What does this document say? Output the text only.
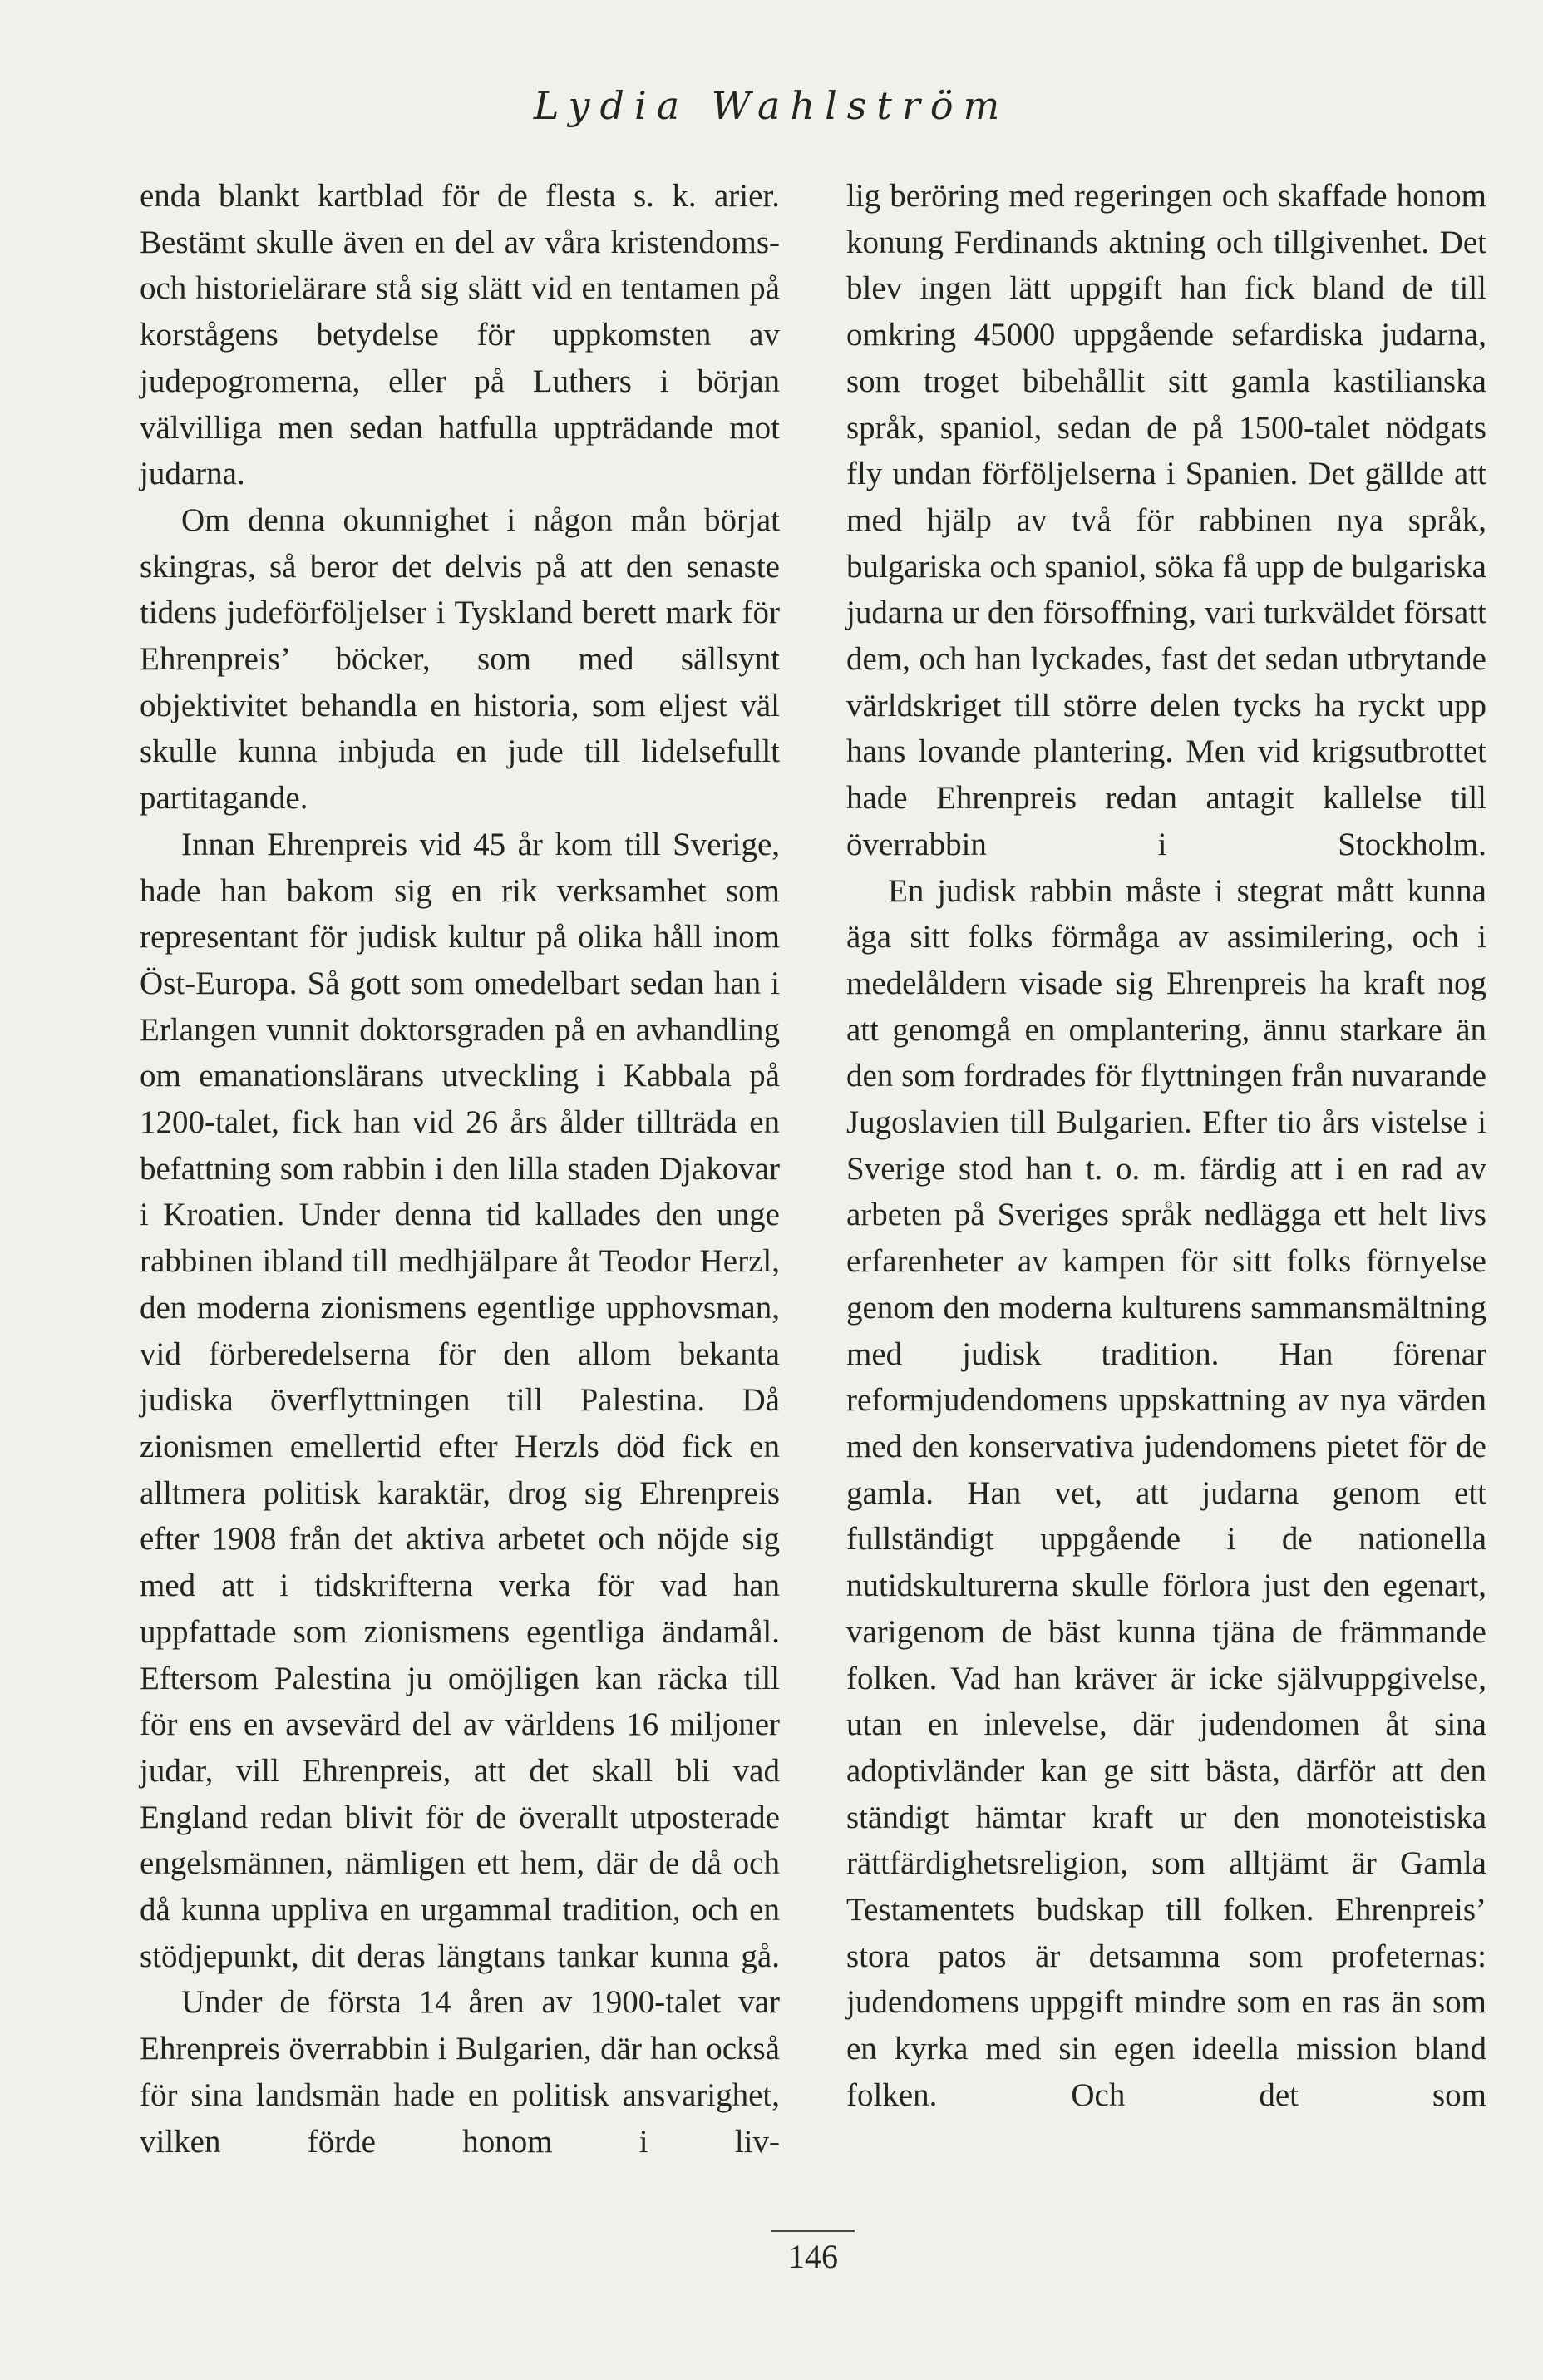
Lydia Wahlström

enda blankt kartblad för de flesta s. k. arier. Bestämt skulle även en del av våra kristendoms- och historielärare stå sig slätt vid en tentamen på korstågens betydelse för uppkomsten av judepogromerna, eller på Luthers i början välvilliga men sedan hatfulla uppträdande mot judarna.

Om denna okunnighet i någon mån börjat skingras, så beror det delvis på att den senaste tidens judeförföljelser i Tyskland berett mark för Ehrenpreis’ böcker, som med sällsynt objektivitet behandla en historia, som eljest väl skulle kunna inbjuda en jude till lidelsefullt partitagande.

Innan Ehrenpreis vid 45 år kom till Sverige, hade han bakom sig en rik verksamhet som representant för judisk kultur på olika håll inom Öst-Europa. Så gott som omedelbart sedan han i Erlangen vunnit doktorsgraden på en avhandling om emanationslärans utveckling i Kabbala på 1200-talet, fick han vid 26 års ålder tillträda en befattning som rabbin i den lilla staden Djakovar i Kroatien. Under denna tid kallades den unge rabbinen ibland till medhjälpare åt Teodor Herzl, den moderna zionismens egentlige upphovsman, vid förberedelserna för den allom bekanta judiska överflyttningen till Palestina. Då zionismen emellertid efter Herzls död fick en alltmera politisk karaktär, drog sig Ehrenpreis efter 1908 från det aktiva arbetet och nöjde sig med att i tidskrifterna verka för vad han uppfattade som zionismens egentliga ändamål. Eftersom Palestina ju omöjligen kan räcka till för ens en avsevärd del av världens 16 miljoner judar, vill Ehrenpreis, att det skall bli vad England redan blivit för de överallt utposterade engelsmännen, nämligen ett hem, där de då och då kunna uppliva en urgammal tradition, och en stödjepunkt, dit deras längtans tankar kunna gå.

Under de första 14 åren av 1900-talet var Ehrenpreis överrabbin i Bulgarien, där han också för sina landsmän hade en politisk ansvarighet, vilken förde honom i liv-

lig beröring med regeringen och skaffade honom konung Ferdinands aktning och tillgivenhet. Det blev ingen lätt uppgift han fick bland de till omkring 45000 uppgående sefardiska judarna, som troget bibehållit sitt gamla kastilianska språk, spaniol, sedan de på 1500-talet nödgats fly undan förföljelserna i Spanien. Det gällde att med hjälp av två för rabbinen nya språk, bulgariska och spaniol, söka få upp de bulgariska judarna ur den försoffning, vari turkväldet försatt dem, och han lyckades, fast det sedan utbrytande världskriget till större delen tycks ha ryckt upp hans lovande plantering. Men vid krigsutbrottet hade Ehrenpreis redan antagit kallelse till överrabbin i Stockholm.

En judisk rabbin måste i stegrat mått kunna äga sitt folks förmåga av assimilering, och i medelåldern visade sig Ehrenpreis ha kraft nog att genomgå en omplantering, ännu starkare än den som fordrades för flyttningen från nuvarande Jugoslavien till Bulgarien. Efter tio års vistelse i Sverige stod han t. o. m. färdig att i en rad av arbeten på Sveriges språk nedlägga ett helt livs erfarenheter av kampen för sitt folks förnyelse genom den moderna kulturens sammansmältning med judisk tradition. Han förenar reformjudendomens uppskattning av nya värden med den konservativa judendomens pietet för de gamla. Han vet, att judarna genom ett fullständigt uppgående i de nationella nutidskulturerna skulle förlora just den egenart, varigenom de bäst kunna tjäna de främmande folken. Vad han kräver är icke självuppgivelse, utan en inlevelse, där judendomen åt sina adoptivländer kan ge sitt bästa, därför att den ständigt hämtar kraft ur den monoteistiska rättfärdighetsreligion, som alltjämt är Gamla Testamentets budskap till folken. Ehrenpreis’ stora patos är detsamma som profeternas: judendomens uppgift mindre som en ras än som en kyrka med sin egen ideella mission bland folken. Och det som

146
